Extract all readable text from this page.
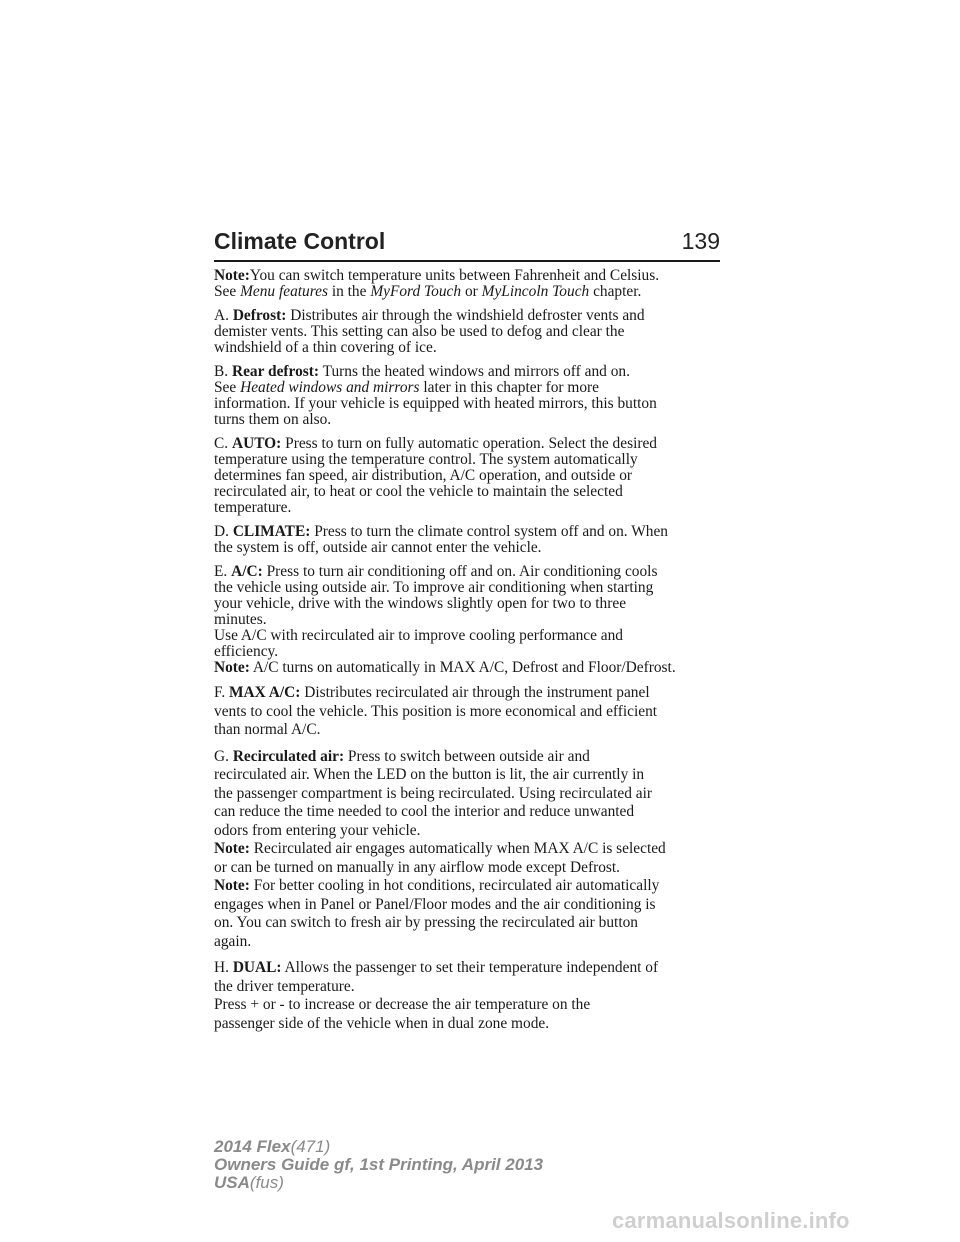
Climate Control	139
Note:You can switch temperature units between Fahrenheit and Celsius.
See Menu features in the MyFord Touch or MyLincoln Touch chapter.
A. Defrost: Distributes air through the windshield defroster vents and
demister vents. This setting can also be used to defog and clear the
windshield of a thin covering of ice.
B. Rear defrost: Turns the heated windows and mirrors off and on.
See Heated windows and mirrors later in this chapter for more
information. If your vehicle is equipped with heated mirrors, this button
turns them on also.
C. AUTO: Press to turn on fully automatic operation. Select the desired
temperature using the temperature control. The system automatically
determines fan speed, air distribution, A/C operation, and outside or
recirculated air, to heat or cool the vehicle to maintain the selected
temperature.
D. CLIMATE: Press to turn the climate control system off and on. When
the system is off, outside air cannot enter the vehicle.
E. A/C: Press to turn air conditioning off and on. Air conditioning cools
the vehicle using outside air. To improve air conditioning when starting
your vehicle, drive with the windows slightly open for two to three
minutes.
Use A/C with recirculated air to improve cooling performance and
efficiency.
Note: A/C turns on automatically in MAX A/C, Defrost and Floor/Defrost.
F. MAX A/C: Distributes recirculated air through the instrument panel
vents to cool the vehicle. This position is more economical and efficient
than normal A/C.
G. Recirculated air: Press to switch between outside air and
recirculated air. When the LED on the button is lit, the air currently in
the passenger compartment is being recirculated. Using recirculated air
can reduce the time needed to cool the interior and reduce unwanted
odors from entering your vehicle.
Note: Recirculated air engages automatically when MAX A/C is selected
or can be turned on manually in any airflow mode except Defrost.
Note: For better cooling in hot conditions, recirculated air automatically
engages when in Panel or Panel/Floor modes and the air conditioning is
on. You can switch to fresh air by pressing the recirculated air button
again.
H. DUAL: Allows the passenger to set their temperature independent of
the driver temperature.
Press + or - to increase or decrease the air temperature on the
passenger side of the vehicle when in dual zone mode.
2014 Flex(471)
Owners Guide gf, 1st Printing, April 2013
USA(fus)
carmanualsonline.info
